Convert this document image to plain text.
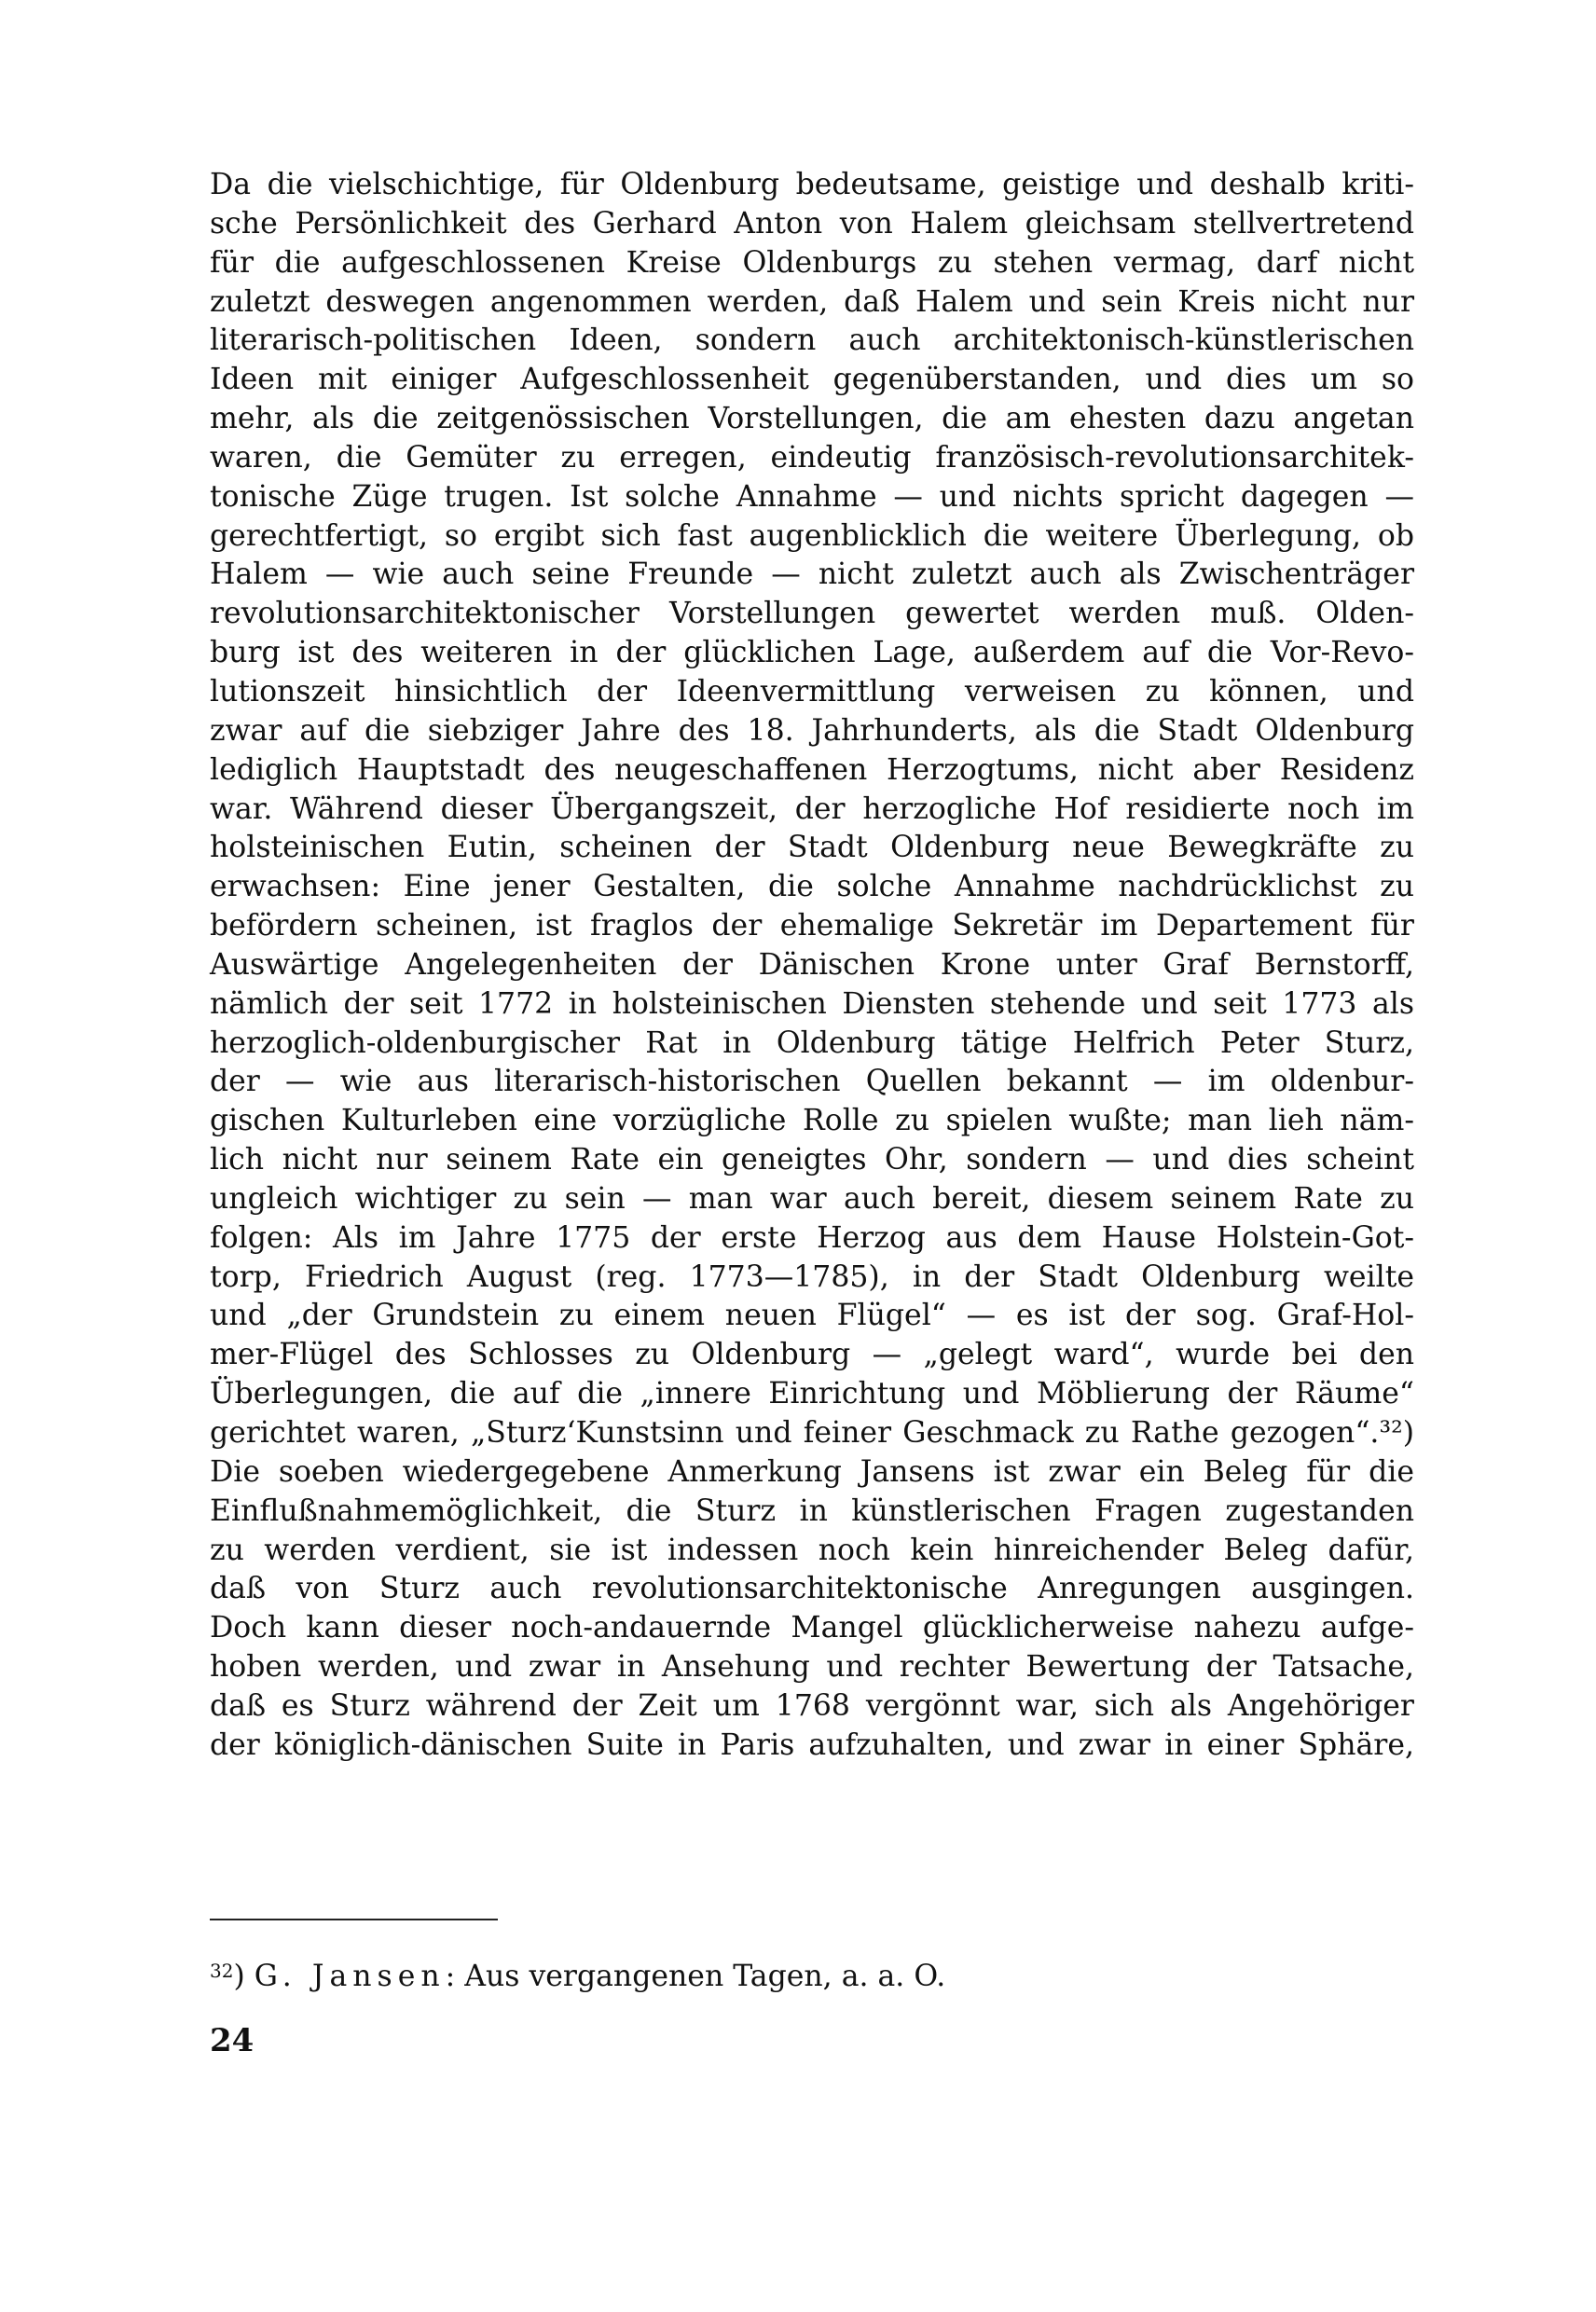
Da die vielschichtige, für Oldenburg bedeutsame, geistige und deshalb kriti-
sche Persönlichkeit des Gerhard Anton von Halem gleichsam stellvertretend
für die aufgeschlossenen Kreise Oldenburgs zu stehen vermag, darf nicht
zuletzt deswegen angenommen werden, daß Halem und sein Kreis nicht nur
literarisch-politischen Ideen, sondern auch architektonisch-künstlerischen
Ideen mit einiger Aufgeschlossenheit gegenüberstanden, und dies um so
mehr, als die zeitgenössischen Vorstellungen, die am ehesten dazu angetan
waren, die Gemüter zu erregen, eindeutig französisch-revolutionsarchitek-
tonische Züge trugen. Ist solche Annahme — und nichts spricht dagegen —
gerechtfertigt, so ergibt sich fast augenblicklich die weitere Überlegung, ob
Halem — wie auch seine Freunde — nicht zuletzt auch als Zwischenträger
revolutionsarchitektonischer Vorstellungen gewertet werden muß. Olden-
burg ist des weiteren in der glücklichen Lage, außerdem auf die Vor-Revo-
lutionszeit hinsichtlich der Ideenvermittlung verweisen zu können, und
zwar auf die siebziger Jahre des 18. Jahrhunderts, als die Stadt Oldenburg
lediglich Hauptstadt des neugeschaffenen Herzogtums, nicht aber Residenz
war. Während dieser Übergangszeit, der herzogliche Hof residierte noch im
holsteinischen Eutin, scheinen der Stadt Oldenburg neue Bewegkräfte zu
erwachsen: Eine jener Gestalten, die solche Annahme nachdrücklichst zu
befördern scheinen, ist fraglos der ehemalige Sekretär im Departement für
Auswärtige Angelegenheiten der Dänischen Krone unter Graf Bernstorff,
nämlich der seit 1772 in holsteinischen Diensten stehende und seit 1773 als
herzoglich-oldenburgischer Rat in Oldenburg tätige Helfrich Peter Sturz,
der — wie aus literarisch-historischen Quellen bekannt — im oldenbur-
gischen Kulturleben eine vorzügliche Rolle zu spielen wußte; man lieh näm-
lich nicht nur seinem Rate ein geneigtes Ohr, sondern — und dies scheint
ungleich wichtiger zu sein — man war auch bereit, diesem seinem Rate zu
folgen: Als im Jahre 1775 der erste Herzog aus dem Hause Holstein-Got-
torp, Friedrich August (reg. 1773—1785), in der Stadt Oldenburg weilte
und „der Grundstein zu einem neuen Flügel“ — es ist der sog. Graf-Hol-
mer-Flügel des Schlosses zu Oldenburg — „gelegt ward“, wurde bei den
Überlegungen, die auf die „innere Einrichtung und Möblierung der Räume“
gerichtet waren, „Sturz‘Kunstsinn und feiner Geschmack zu Rathe gezogen“.³²)
Die soeben wiedergegebene Anmerkung Jansens ist zwar ein Beleg für die
Einflußnahmemöglichkeit, die Sturz in künstlerischen Fragen zugestanden
zu werden verdient, sie ist indessen noch kein hinreichender Beleg dafür,
daß von Sturz auch revolutionsarchitektonische Anregungen ausgingen.
Doch kann dieser noch-andauernde Mangel glücklicherweise nahezu aufge-
hoben werden, und zwar in Ansehung und rechter Bewertung der Tatsache,
daß es Sturz während der Zeit um 1768 vergönnt war, sich als Angehöriger
der königlich-dänischen Suite in Paris aufzuhalten, und zwar in einer Sphäre,
$^{32}$) G. Jansen: Aus vergangenen Tagen, a. a. O.
24
